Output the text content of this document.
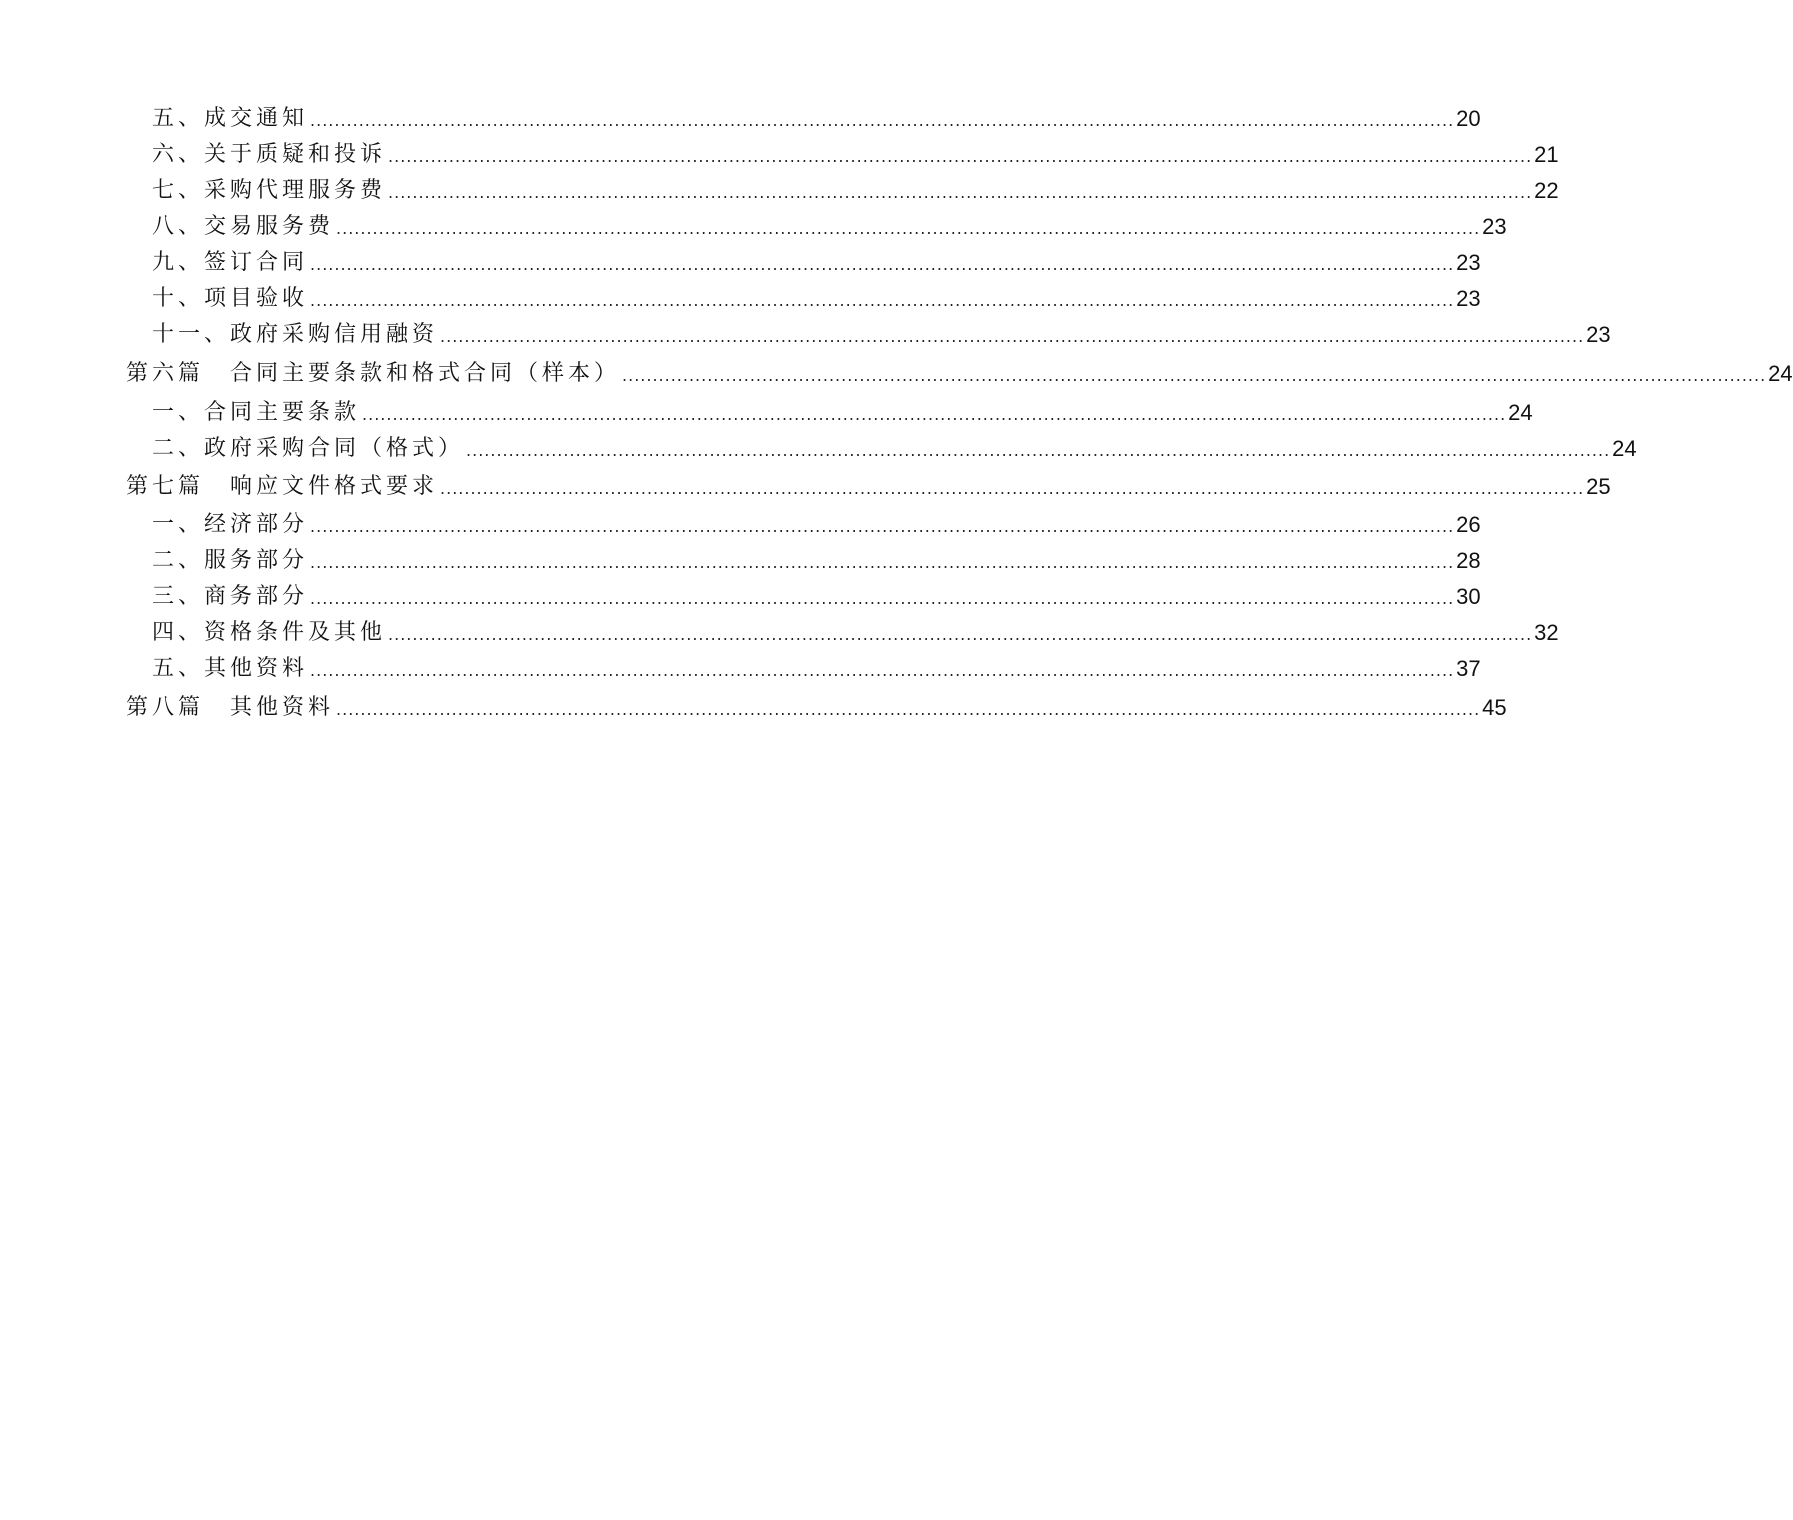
五、成交通知 ............................................................................................................................................................................................ 20
六、关于质疑和投诉 ............................................................................................................................................................................................ 21
七、采购代理服务费 ............................................................................................................................................................................................ 22
八、交易服务费 ............................................................................................................................................................................................ 23
九、签订合同 ............................................................................................................................................................................................ 23
十、项目验收 ............................................................................................................................................................................................ 23
十一、政府采购信用融资 ............................................................................................................................................................................................ 23
第六篇　合同主要条款和格式合同（样本） ............................................................................................................................................................................................ 24
一、合同主要条款 ............................................................................................................................................................................................ 24
二、政府采购合同（格式） ............................................................................................................................................................................................ 24
第七篇　响应文件格式要求 ............................................................................................................................................................................................ 25
一、经济部分 ............................................................................................................................................................................................ 26
二、服务部分 ............................................................................................................................................................................................ 28
三、商务部分 ............................................................................................................................................................................................ 30
四、资格条件及其他 ............................................................................................................................................................................................ 32
五、其他资料 ............................................................................................................................................................................................ 37
第八篇　其他资料 ............................................................................................................................................................................................ 45
